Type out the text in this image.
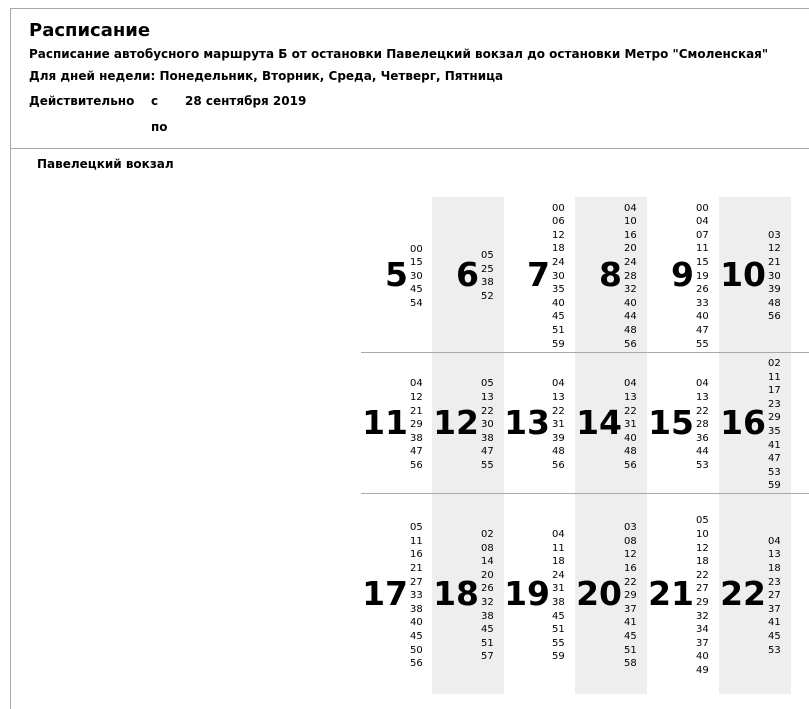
Расписание
Расписание автобусного маршрута Б от остановки Павелецкий вокзал до остановки Метро "Смоленская"
Для дней недели: Понедельник, Вторник, Среда, Четверг, Пятница
Действительно с 28 сентября 2019
по
Павелецкий вокзал
5
00
15
30
45
54
6 05
25
38
52
7
00
06
12
18
24
30
35
40
45
51
59
8
04
10
16
20
24
28
32
40
44
48
56
9
00
04
07
11
15
19
26
33
40
47
55
10
03
12
21
30
39
48
56
11
04
12
21
29
38
47
56
12
05
13
22
30
38
47
55
13
04
13
22
31
39
48
56
14
04
13
22
31
40
48
56
15
04
13
22
28
36
44
53
16
02
11
17
23
29
35
41
47
53
59
17
05
11
16
21
27
33
38
40
45
50
56
18
02
08
14
20
26
32
38
45
51
57
19
04
11
18
24
31
38
45
51
55
59
20
03
08
12
16
22
29
37
41
45
51
58
21
05
10
12
18
22
27
29
32
34
37
40
49
22
04
13
18
23
27
37
41
45
53
